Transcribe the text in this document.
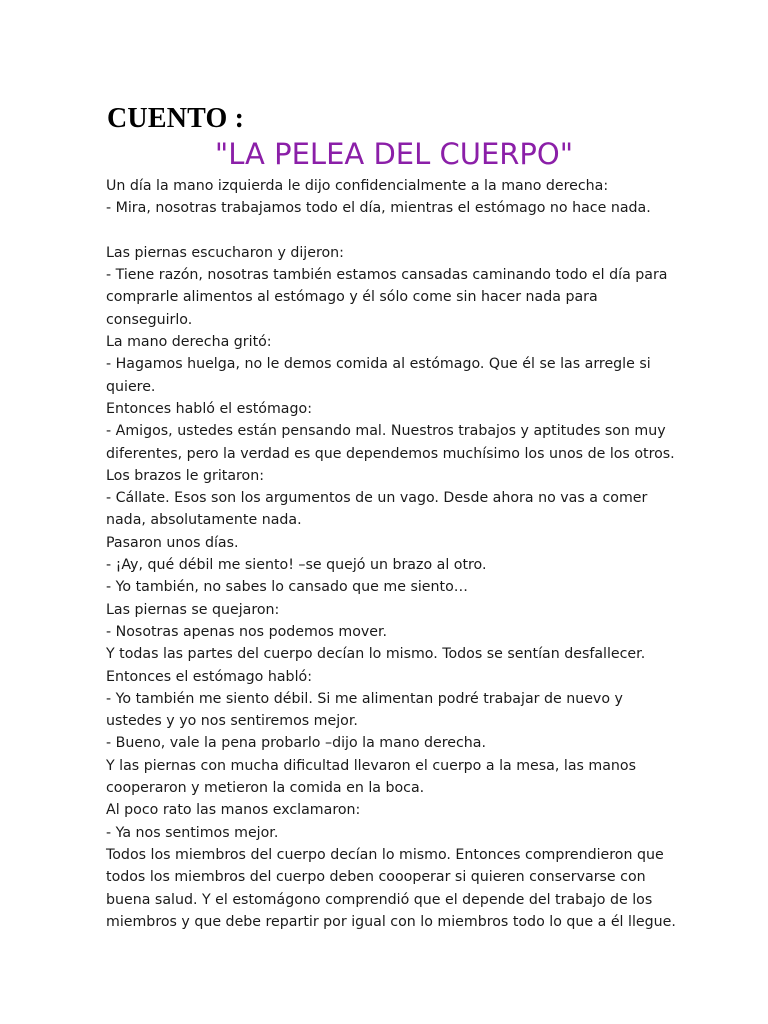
CUENTO :
"LA PELEA DEL CUERPO"
Un día la mano izquierda le dijo confidencialmente a la mano derecha:
- Mira, nosotras trabajamos todo el día, mientras el estómago no hace nada.
Las piernas escucharon y dijeron:
- Tiene razón, nosotras también estamos cansadas caminando todo el día para
comprarle alimentos al estómago y él sólo come sin hacer nada para
conseguirlo.
La mano derecha gritó:
- Hagamos huelga, no le demos comida al estómago. Que él se las arregle si
quiere.
Entonces habló el estómago:
- Amigos, ustedes están pensando mal. Nuestros trabajos y aptitudes son muy
diferentes, pero la verdad es que dependemos muchísimo los unos de los otros.
Los brazos le gritaron:
- Cállate. Esos son los argumentos de un vago. Desde ahora no vas a comer
nada, absolutamente nada.
Pasaron unos días.
- ¡Ay, qué débil me siento! –se quejó un brazo al otro.
- Yo también, no sabes lo cansado que me siento…
Las piernas se quejaron:
- Nosotras apenas nos podemos mover.
Y todas las partes del cuerpo decían lo mismo. Todos se sentían desfallecer.
Entonces el estómago habló:
- Yo también me siento débil. Si me alimentan podré trabajar de nuevo y
ustedes y yo nos sentiremos mejor.
- Bueno, vale la pena probarlo –dijo la mano derecha.
Y las piernas con mucha dificultad llevaron el cuerpo a la mesa, las manos
cooperaron y metieron la comida en la boca.
Al poco rato las manos exclamaron:
- Ya nos sentimos mejor.
Todos los miembros del cuerpo decían lo mismo. Entonces comprendieron que
todos los miembros del cuerpo deben coooperar si quieren conservarse con
buena salud. Y el estomágono comprendió que el depende del trabajo de los
miembros y que debe repartir por igual con lo miembros todo lo que a él llegue.
